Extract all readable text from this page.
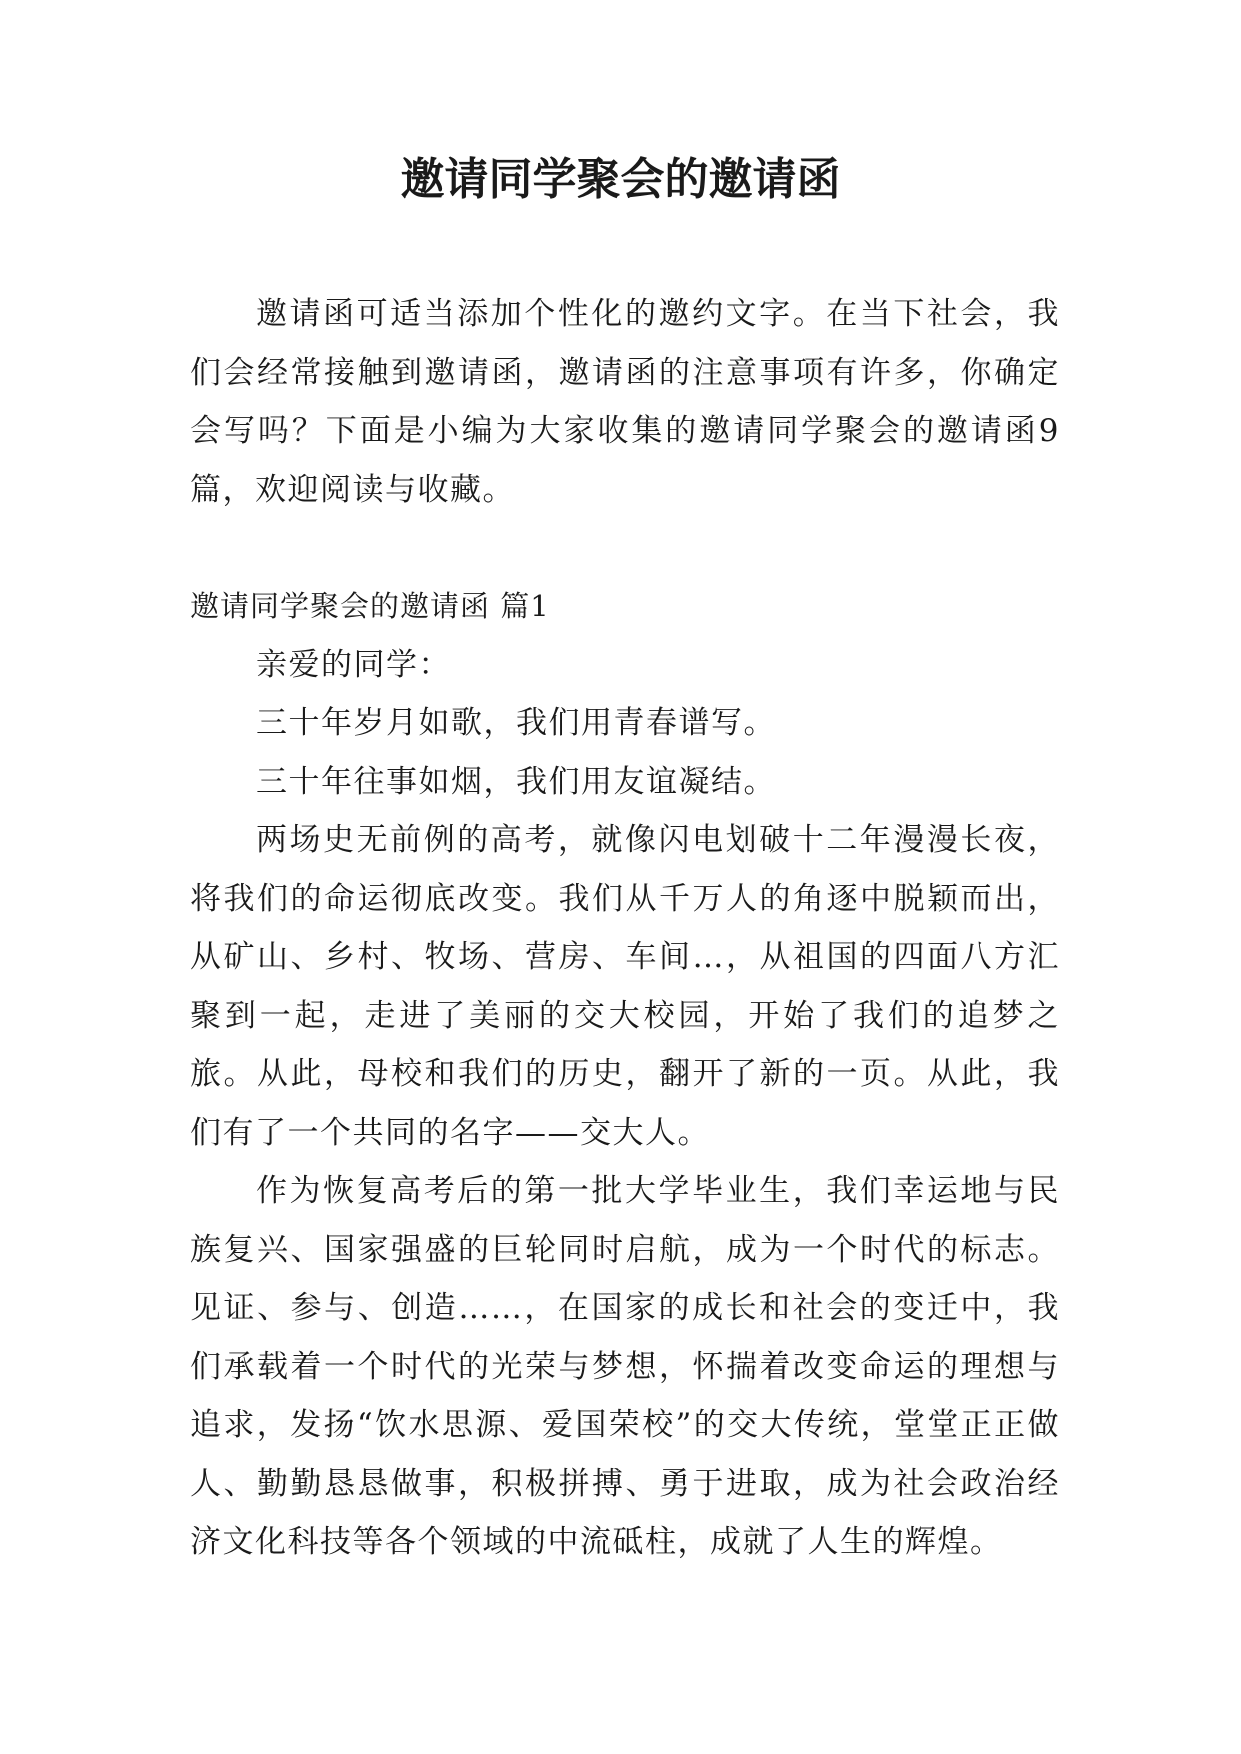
邀请同学聚会的邀请函

邀请函可适当添加个性化的邀约文字。在当下社会，我们会经常接触到邀请函，邀请函的注意事项有许多，你确定会写吗？下面是小编为大家收集的邀请同学聚会的邀请函9篇，欢迎阅读与收藏。

邀请同学聚会的邀请函 篇1

亲爱的同学：

三十年岁月如歌，我们用青春谱写。

三十年往事如烟，我们用友谊凝结。

两场史无前例的高考，就像闪电划破十二年漫漫长夜，将我们的命运彻底改变。我们从千万人的角逐中脱颖而出，从矿山、乡村、牧场、营房、车间…，从祖国的四面八方汇聚到一起，走进了美丽的交大校园，开始了我们的追梦之旅。从此，母校和我们的历史，翻开了新的一页。从此，我们有了一个共同的名字——交大人。

作为恢复高考后的第一批大学毕业生，我们幸运地与民族复兴、国家强盛的巨轮同时启航，成为一个时代的标志。见证、参与、创造……，在国家的成长和社会的变迁中，我们承载着一个时代的光荣与梦想，怀揣着改变命运的理想与追求，发扬“饮水思源、爱国荣校”的交大传统，堂堂正正做人、勤勤恳恳做事，积极拼搏、勇于进取，成为社会政治经济文化科技等各个领域的中流砥柱，成就了人生的辉煌。
